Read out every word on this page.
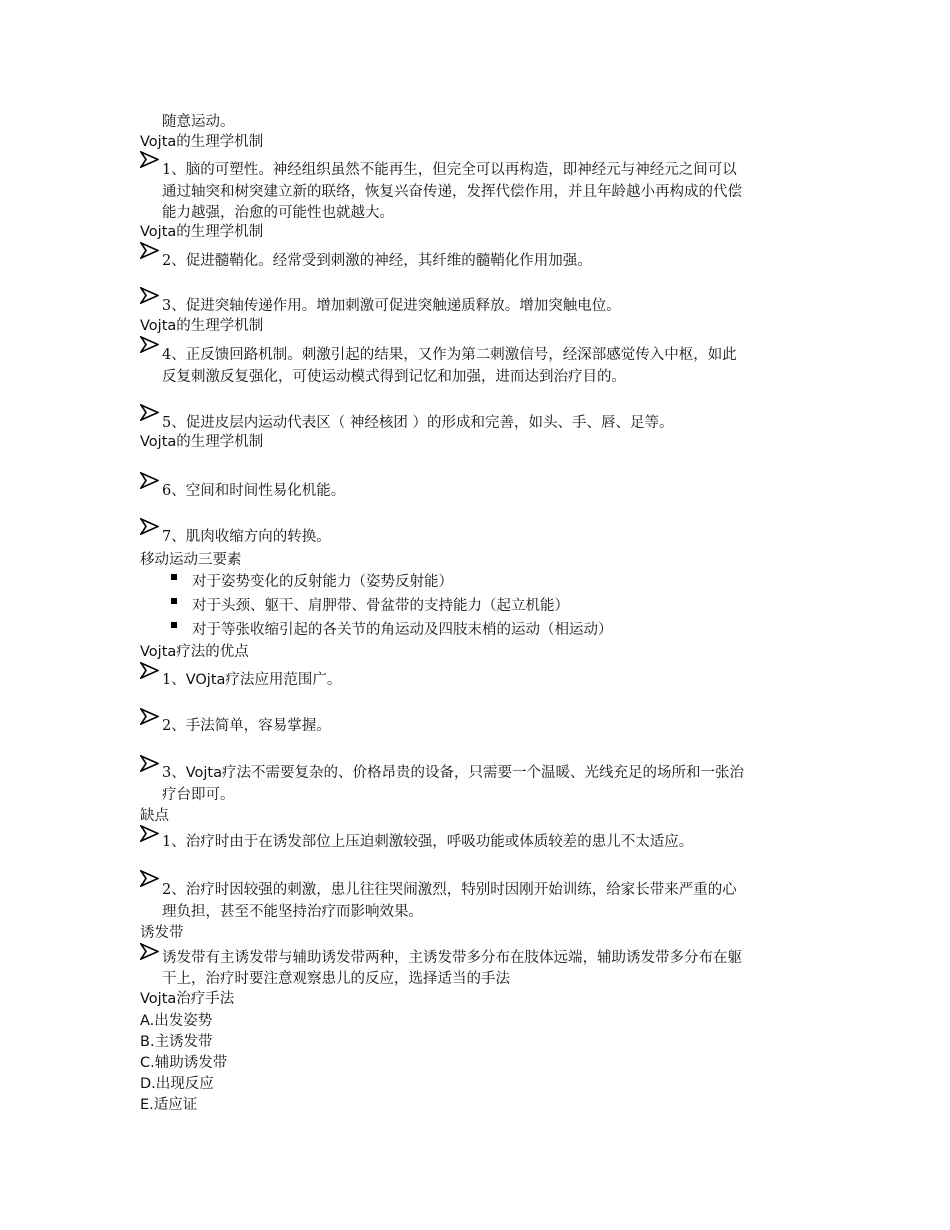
随意运动。
Vojta的生理学机制
1、脑的可塑性。神经组织虽然不能再生，但完全可以再构造，即神经元与神经元之间可以
通过轴突和树突建立新的联络，恢复兴奋传递，发挥代偿作用，并且年龄越小再构成的代偿
能力越强，治愈的可能性也就越大。
Vojta的生理学机制
2、促进髓鞘化。经常受到刺激的神经，其纤维的髓鞘化作用加强。
3、促进突轴传递作用。增加刺激可促进突触递质释放。增加突触电位。
Vojta的生理学机制
4、正反馈回路机制。刺激引起的结果，又作为第二刺激信号，经深部感觉传入中枢，如此
反复刺激反复强化，可使运动模式得到记忆和加强，进而达到治疗目的。
5、促进皮层内运动代表区（ 神经核团 ）的形成和完善，如头、手、唇、足等。
Vojta的生理学机制
6、空间和时间性易化机能。
7、肌肉收缩方向的转换。
移动运动三要素
对于姿势变化的反射能力（姿势反射能）
对于头颈、躯干、肩胛带、骨盆带的支持能力（起立机能）
对于等张收缩引起的各关节的角运动及四肢末梢的运动（相运动）
Vojta疗法的优点
1、VOjta疗法应用范围广。
2、手法简单，容易掌握。
3、Vojta疗法不需要复杂的、价格昂贵的设备，只需要一个温暖、光线充足的场所和一张治
疗台即可。
缺点
1、治疗时由于在诱发部位上压迫刺激较强，呼吸功能或体质较差的患儿不太适应。
2、治疗时因较强的刺激，患儿往往哭闹激烈，特别时因刚开始训练，给家长带来严重的心
理负担，甚至不能坚持治疗而影响效果。
诱发带
诱发带有主诱发带与辅助诱发带两种，主诱发带多分布在肢体远端，辅助诱发带多分布在躯
干上，治疗时要注意观察患儿的反应，选择适当的手法
Vojta治疗手法
A.出发姿势
B.主诱发带
C.辅助诱发带
D.出现反应
E.适应证
